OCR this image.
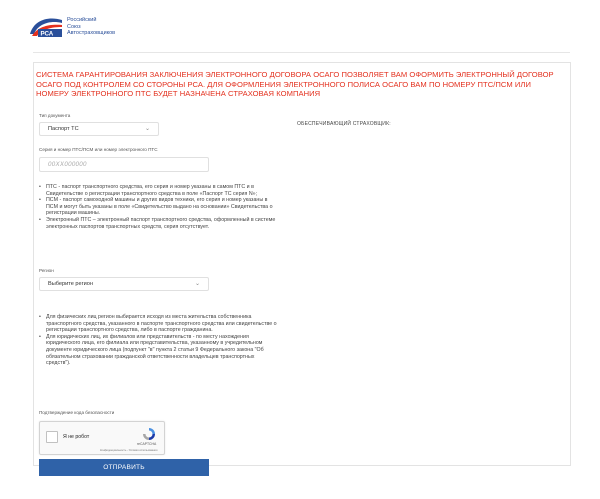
РСА
Российский
Союз
Автостраховщиков
СИСТЕМА ГАРАНТИРОВАНИЯ ЗАКЛЮЧЕНИЯ ЭЛЕКТРОННОГО ДОГОВОРА ОСАГО ПОЗВОЛЯЕТ ВАМ ОФОРМИТЬ ЭЛЕКТРОННЫЙ ДОГОВОР ОСАГО ПОД КОНТРОЛЕМ СО СТОРОНЫ РСА. ДЛЯ ОФОРМЛЕНИЯ ЭЛЕКТРОННОГО ПОЛИСА ОСАГО ВАМ ПО НОМЕРУ ПТС/ПСМ ИЛИ НОМЕРУ ЭЛЕКТРОННОГО ПТС БУДЕТ НАЗНАЧЕНА СТРАХОВАЯ КОМПАНИЯ
Тип документа
Паспорт ТС	⌄
ОБЕСПЕЧИВАЮЩИЙ СТРАХОВЩИК:
Серия и номер ПТС/ПСМ или номер электронного ПТС
00XX000000
• ПТС - паспорт транспортного средства, его серия и номер указаны в самом ПТС и в Свидетельстве о регистрации транспортного средства в поле «Паспорт ТС серия N»;
• ПСМ - паспорт самоходной машины и других видов техники, его серия и номер указаны в ПСМ и могут быть указаны в поле «Свидетельство выдано на основании» Свидетельства о регистрации машины.
• Электронный ПТС – электронный паспорт транспортного средства, оформленный в системе электронных паспортов транспортных средств, серия отсутствует.
Регион
Выберите регион	⌄
• Для физических лиц регион выбирается исходя из места жительства собственника транспортного средства, указанного в паспорте транспортного средства или свидетельстве о регистрации транспортного средства, либо в паспорте гражданина.
• Для юридических лиц, их филиалов или представительств - по месту нахождения юридического лица, его филиала или представительства, указанному в учредительном документе юридического лица (подпункт "в" пункта 2 статьи 9 Федерального закона "Об обязательном страховании гражданской ответственности владельцев транспортных средств").
Подтверждение кода безопасности
Я не робот
reCAPTCHA
Конфиденциальность - Условия использования
ОТПРАВИТЬ
